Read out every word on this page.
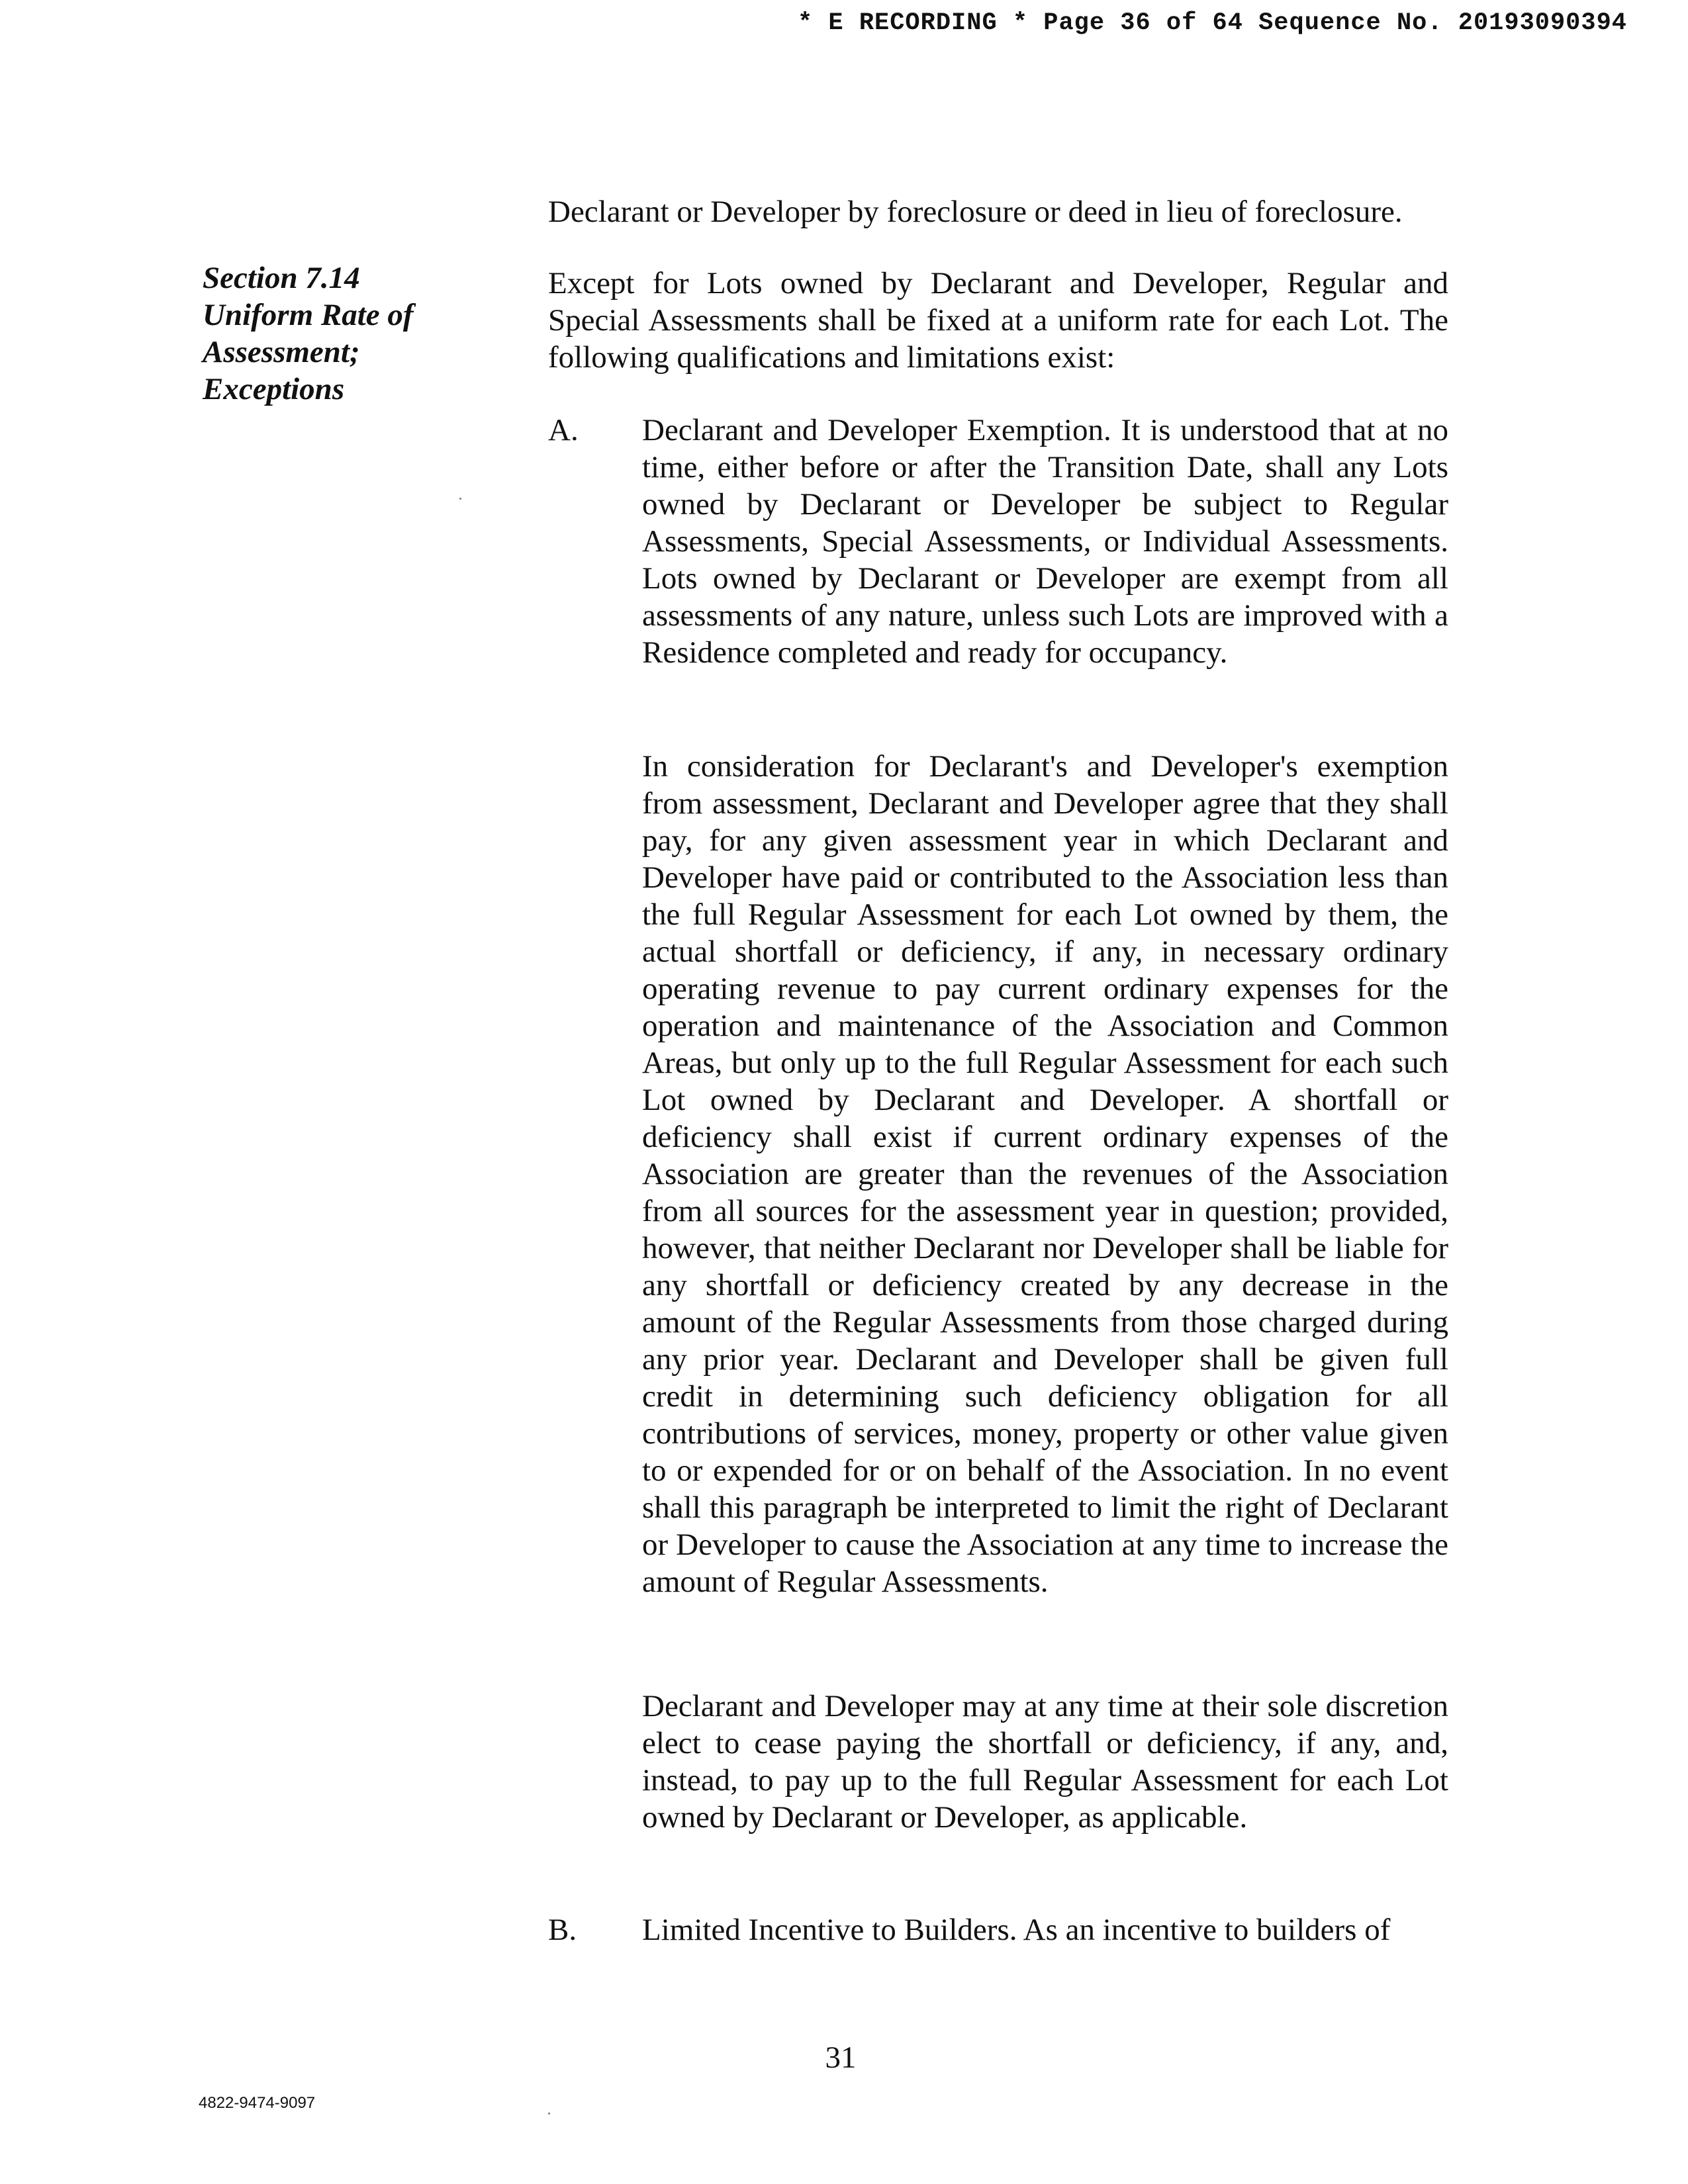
* E RECORDING * Page 36 of 64 Sequence No. 20193090394
Declarant or Developer by foreclosure or deed in lieu of foreclosure.
Section 7.14
Uniform Rate of
Assessment;
Exceptions
Except for Lots owned by Declarant and Developer, Regular and Special Assessments shall be fixed at a uniform rate for each Lot. The following qualifications and limitations exist:
A. Declarant and Developer Exemption. It is understood that at no time, either before or after the Transition Date, shall any Lots owned by Declarant or Developer be subject to Regular Assessments, Special Assessments, or Individual Assessments. Lots owned by Declarant or Developer are exempt from all assessments of any nature, unless such Lots are improved with a Residence completed and ready for occupancy.
In consideration for Declarant's and Developer's exemption from assessment, Declarant and Developer agree that they shall pay, for any given assessment year in which Declarant and Developer have paid or contributed to the Association less than the full Regular Assessment for each Lot owned by them, the actual shortfall or deficiency, if any, in necessary ordinary operating revenue to pay current ordinary expenses for the operation and maintenance of the Association and Common Areas, but only up to the full Regular Assessment for each such Lot owned by Declarant and Developer. A shortfall or deficiency shall exist if current ordinary expenses of the Association are greater than the revenues of the Association from all sources for the assessment year in question; provided, however, that neither Declarant nor Developer shall be liable for any shortfall or deficiency created by any decrease in the amount of the Regular Assessments from those charged during any prior year. Declarant and Developer shall be given full credit in determining such deficiency obligation for all contributions of services, money, property or other value given to or expended for or on behalf of the Association. In no event shall this paragraph be interpreted to limit the right of Declarant or Developer to cause the Association at any time to increase the amount of Regular Assessments.
Declarant and Developer may at any time at their sole discretion elect to cease paying the shortfall or deficiency, if any, and, instead, to pay up to the full Regular Assessment for each Lot owned by Declarant or Developer, as applicable.
B. Limited Incentive to Builders. As an incentive to builders of
31
4822-9474-9097
